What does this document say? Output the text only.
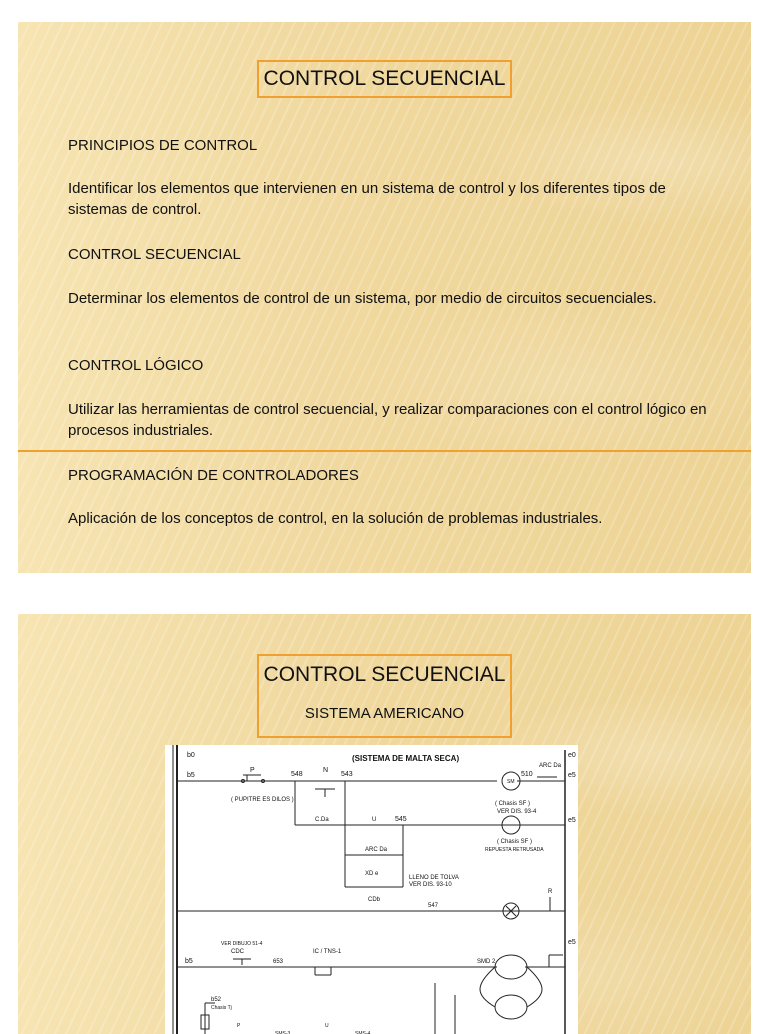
CONTROL SECUENCIAL
PRINCIPIOS DE CONTROL
Identificar los elementos que intervienen en un sistema de control y los diferentes tipos de sistemas de control.
CONTROL SECUENCIAL
Determinar los elementos de control de un sistema, por medio de circuitos secuenciales.
CONTROL LÓGICO
Utilizar las herramientas de control secuencial, y realizar comparaciones con el control lógico en procesos industriales.
PROGRAMACIÓN DE CONTROLADORES
Aplicación de los conceptos de control, en la solución de problemas industriales.
CONTROL SECUENCIAL
SISTEMA AMERICANO
b0
b5
e0
e5
e5
e5
b5
(SISTEMA DE MALTA SECA)
P
548
N
543
SM
510
ARC Da
( PUPITRE ES DILOS )
( Chasis SF )
VER DIS. 93-4
C.Da	U	545
ARC Da
( Chasis SF )
REPUESTA RETRUSADA
XD e
LLENO DE TOLVA
VER DIS. 93-10
CDb
547
R
VER DIBUJO 51-4
CDC
653
IC / TNS-1
SMD 2
b52
Chasis Tj
P
SMS-3
U
SMS-4
